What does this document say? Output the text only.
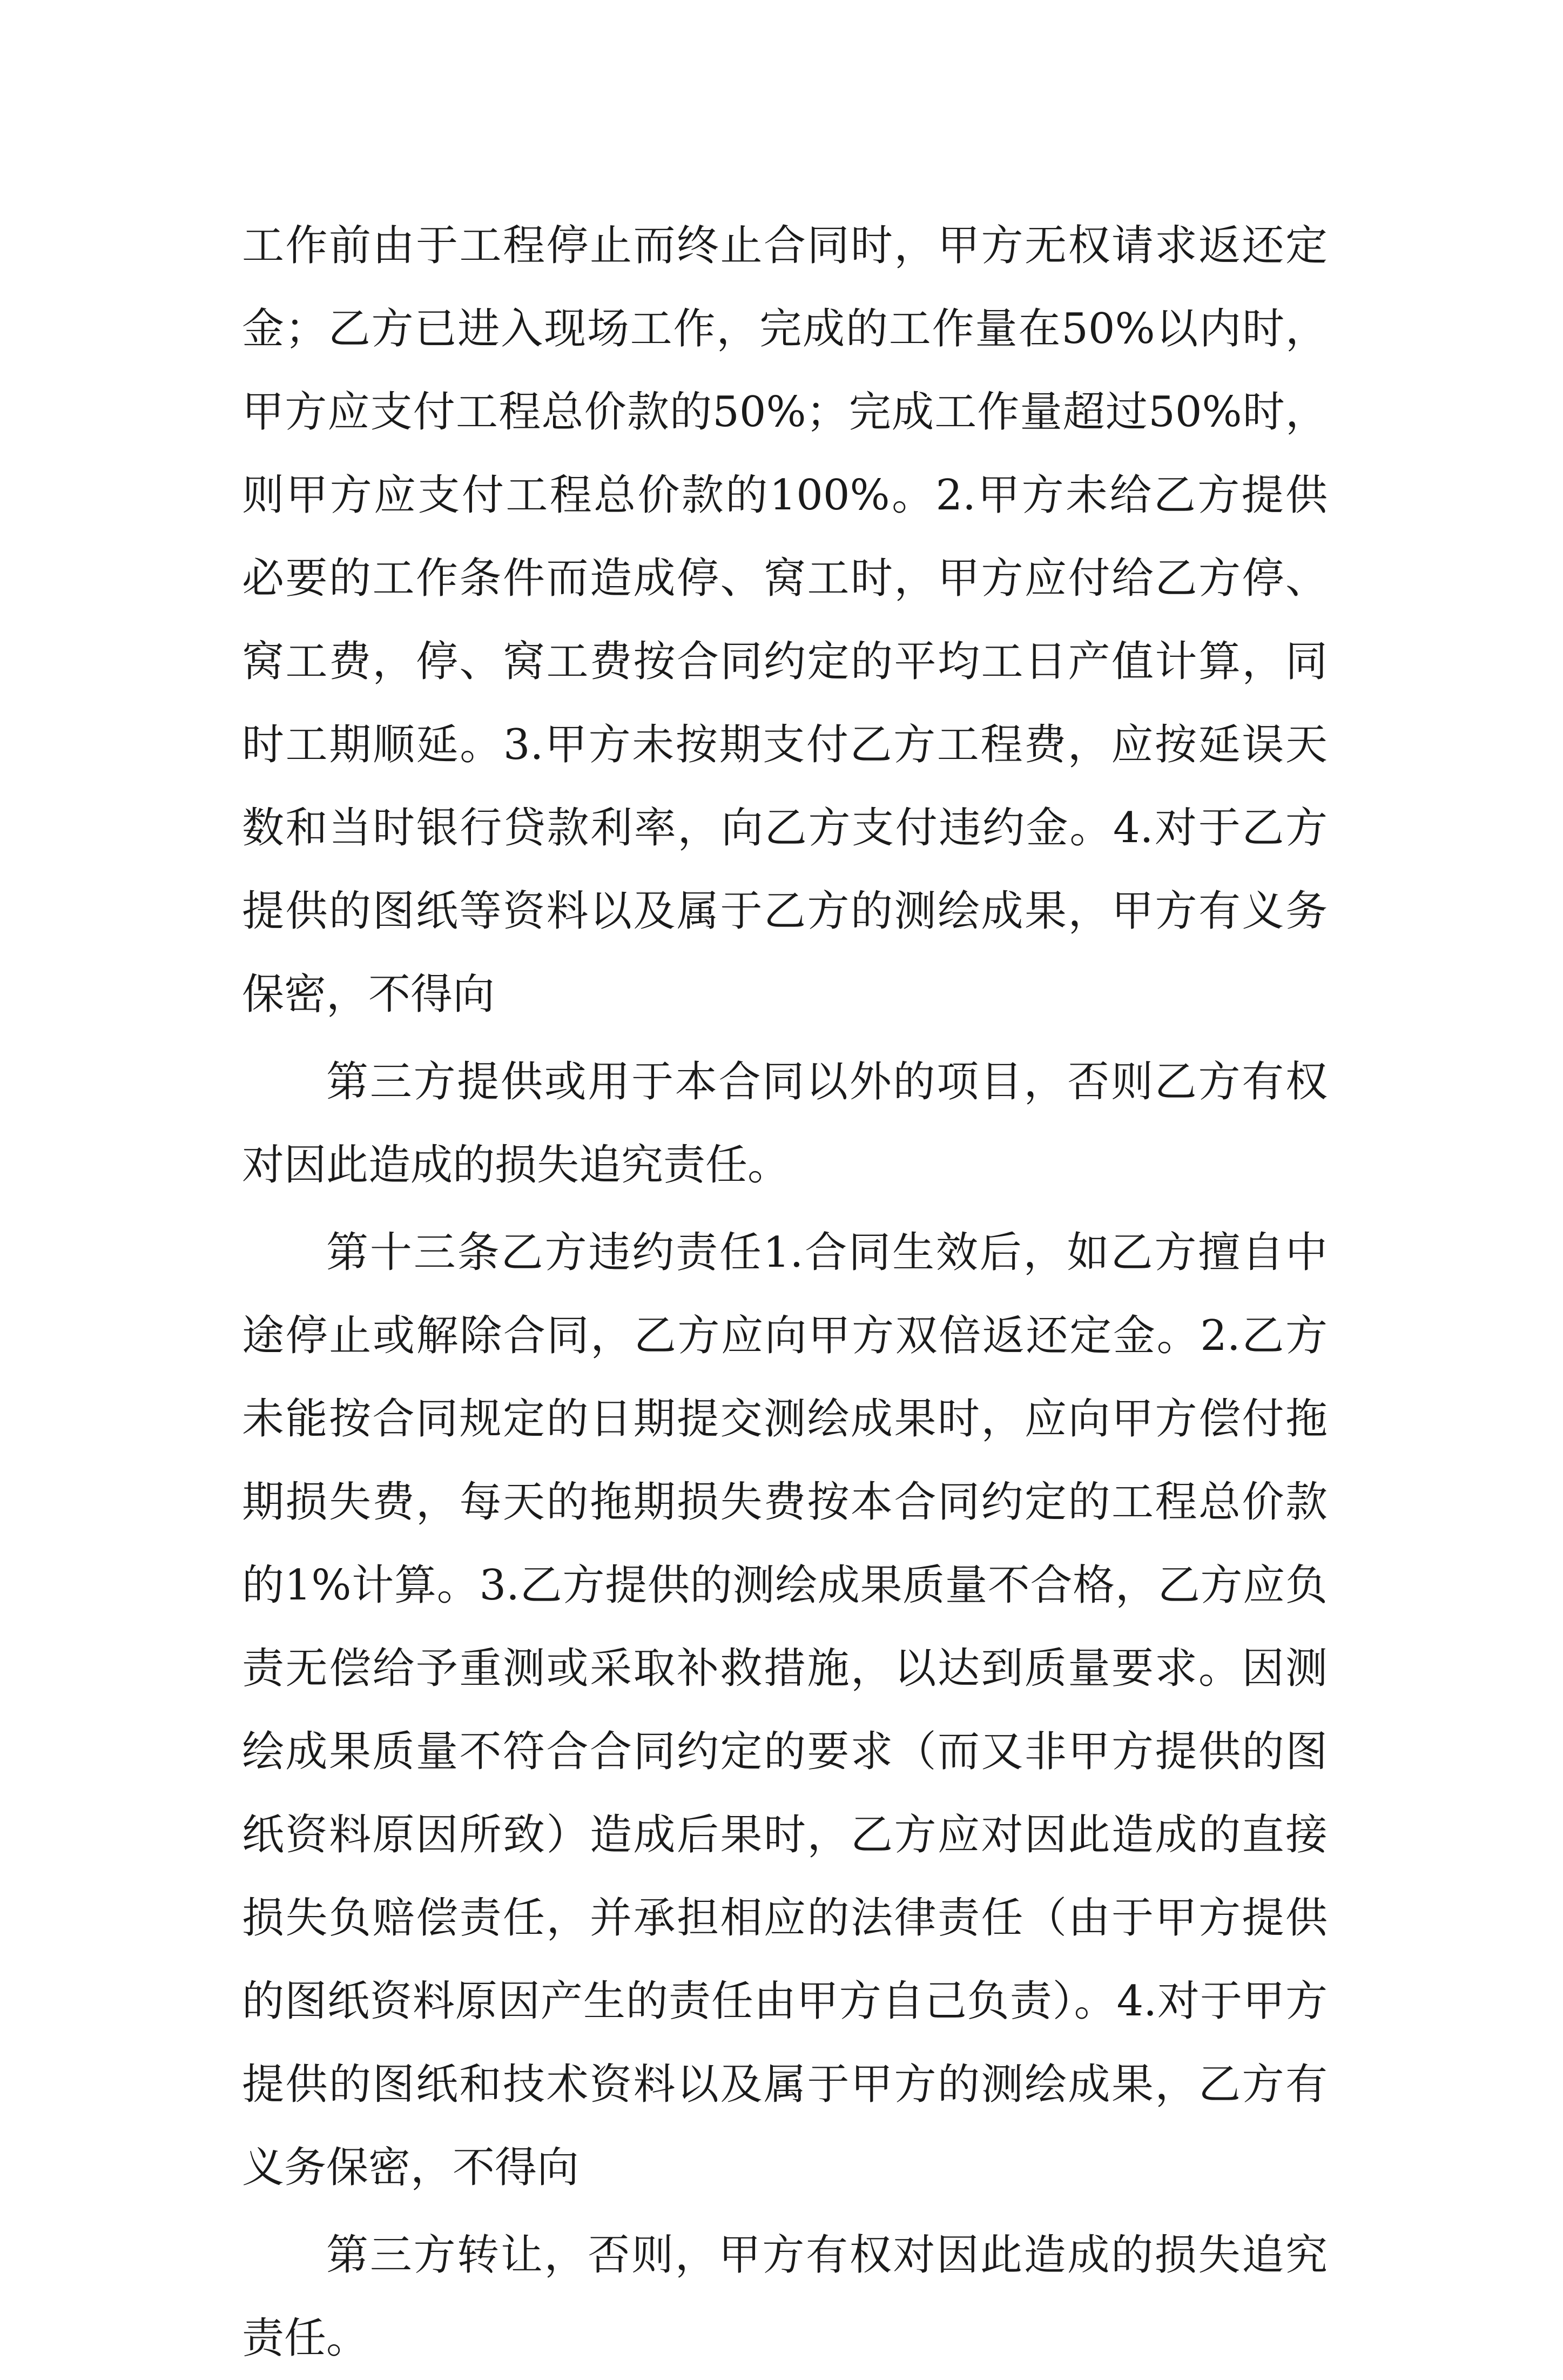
工作前由于工程停止而终止合同时，甲方无权请求返还定金；乙方已进入现场工作，完成的工作量在50%以内时，甲方应支付工程总价款的50%；完成工作量超过50%时，则甲方应支付工程总价款的100%。2.甲方未给乙方提供必要的工作条件而造成停、窝工时，甲方应付给乙方停、窝工费，停、窝工费按合同约定的平均工日产值计算，同时工期顺延。3.甲方未按期支付乙方工程费，应按延误天数和当时银行贷款利率，向乙方支付违约金。4.对于乙方提供的图纸等资料以及属于乙方的测绘成果，甲方有义务保密，不得向

第三方提供或用于本合同以外的项目，否则乙方有权对因此造成的损失追究责任。

第十三条乙方违约责任1.合同生效后，如乙方擅自中途停止或解除合同，乙方应向甲方双倍返还定金。2.乙方未能按合同规定的日期提交测绘成果时，应向甲方偿付拖期损失费，每天的拖期损失费按本合同约定的工程总价款的1%计算。3.乙方提供的测绘成果质量不合格，乙方应负责无偿给予重测或采取补救措施，以达到质量要求。因测绘成果质量不符合合同约定的要求（而又非甲方提供的图纸资料原因所致）造成后果时，乙方应对因此造成的直接损失负赔偿责任，并承担相应的法律责任（由于甲方提供的图纸资料原因产生的责任由甲方自己负责）。4.对于甲方提供的图纸和技术资料以及属于甲方的测绘成果，乙方有义务保密，不得向

第三方转让，否则，甲方有权对因此造成的损失追究责任。
